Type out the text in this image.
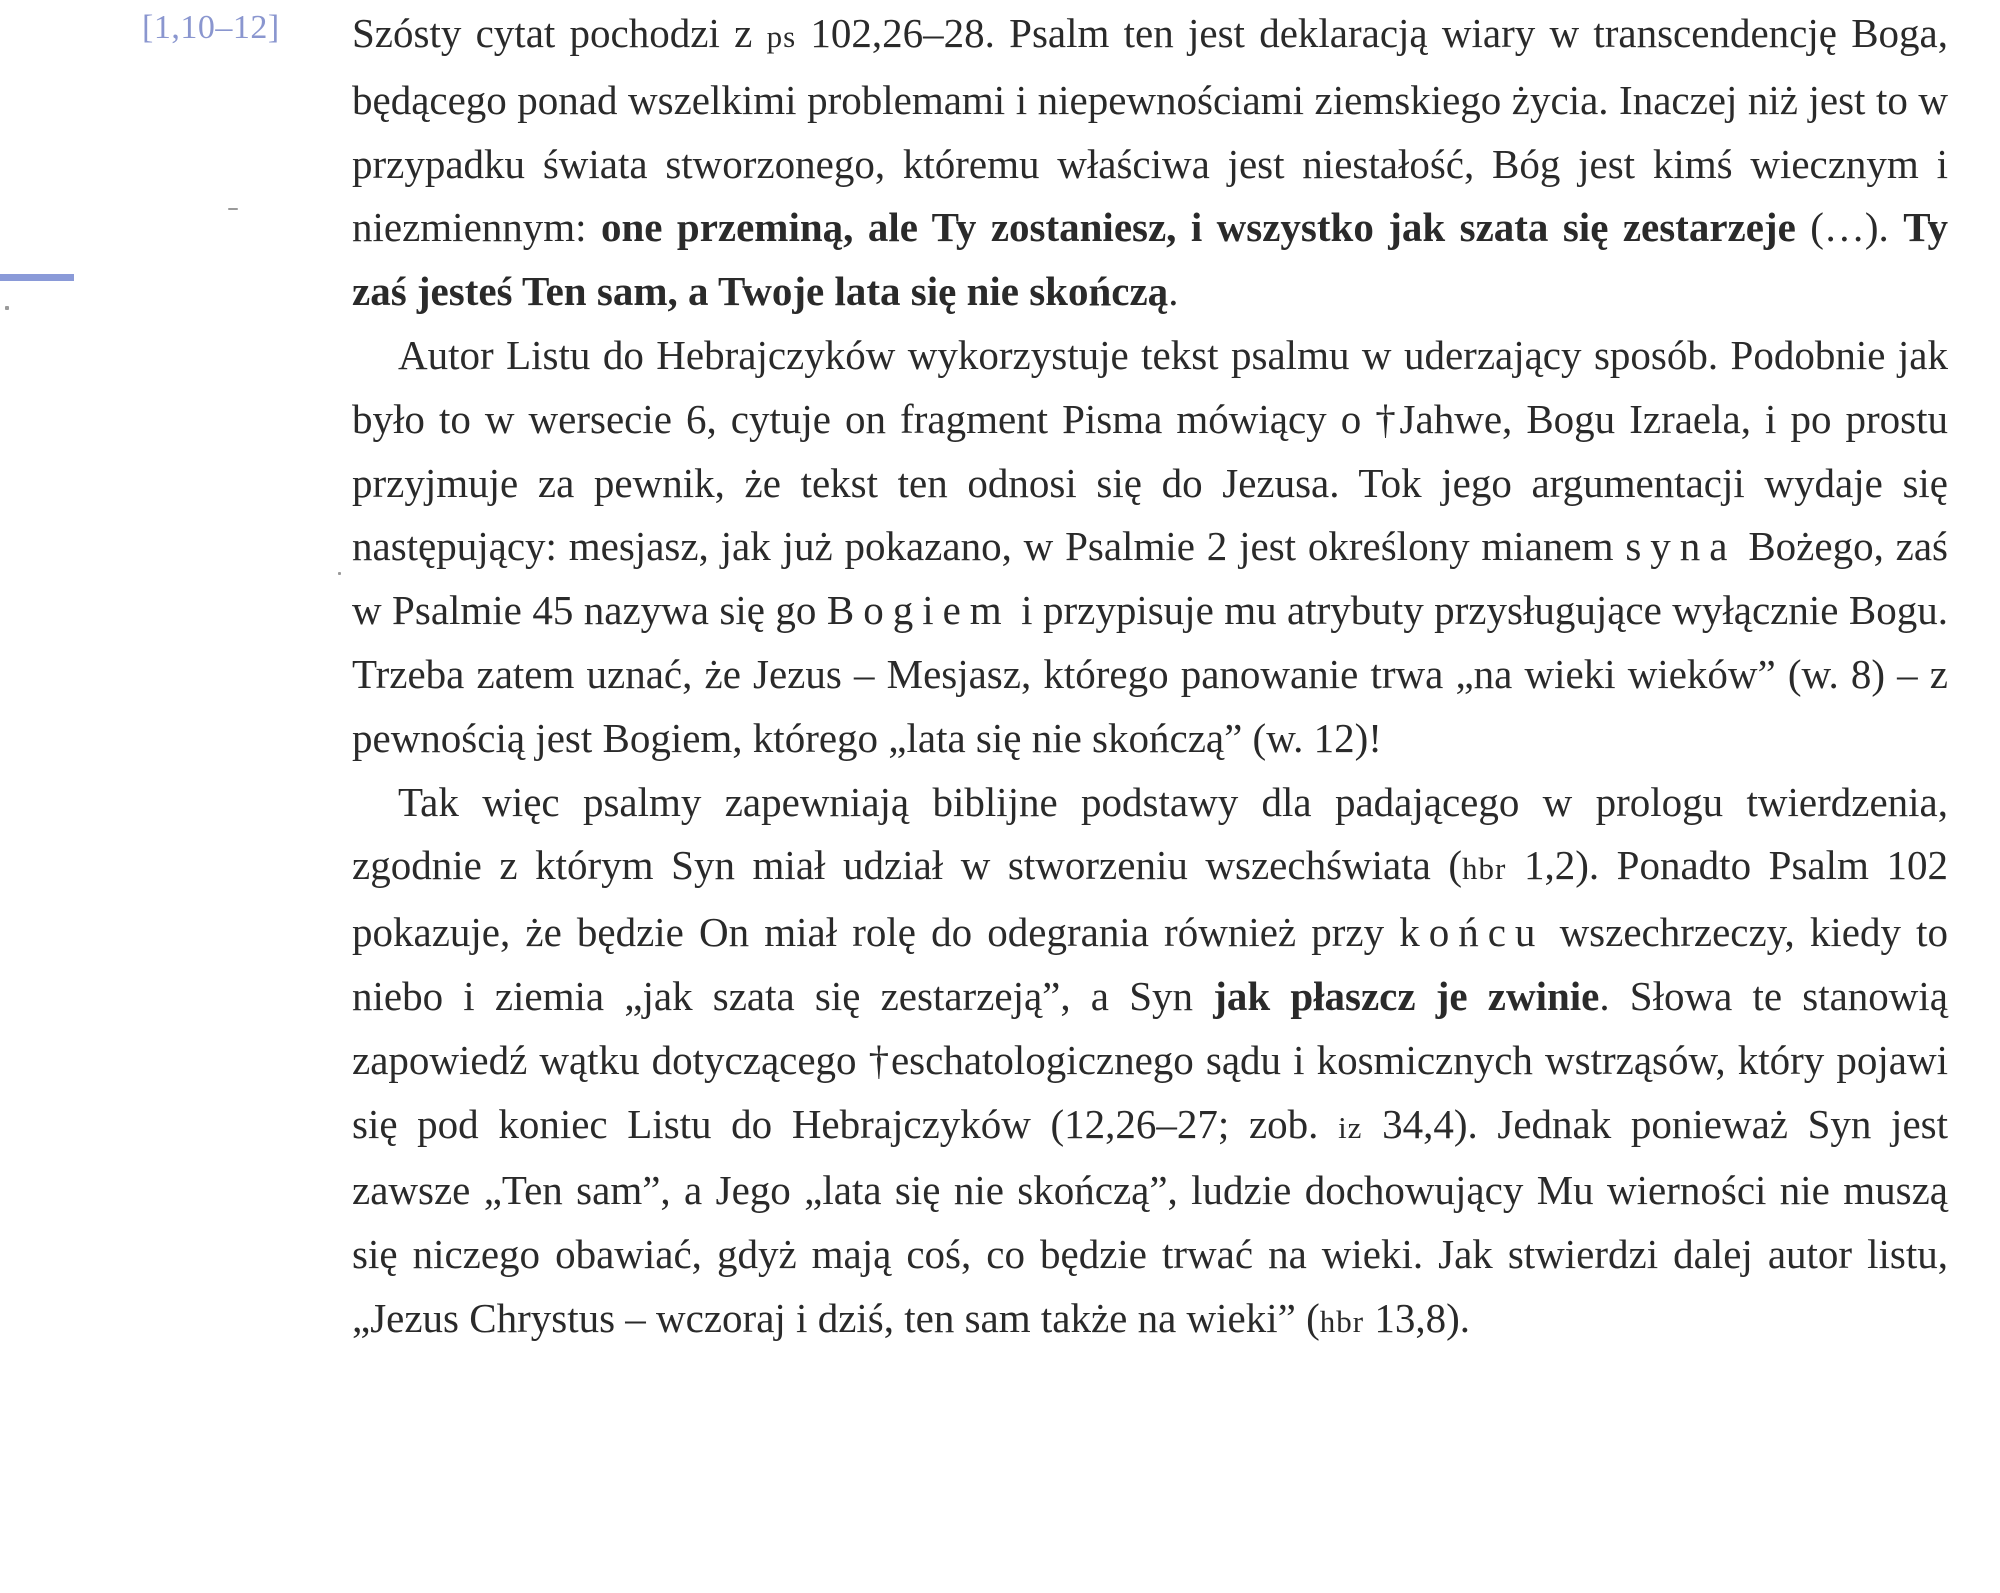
[1,10–12] Szósty cytat pochodzi z ps 102,26–28. Psalm ten jest deklaracją wiary w transcendencję Boga, będącego ponad wszelkimi problemami i niepewnościami ziemskiego życia. Inaczej niż jest to w przypadku świata stworzonego, któremu właściwa jest niestałość, Bóg jest kimś wiecznym i niezmiennym: one przeminą, ale Ty zostaniesz, i wszystko jak szata się zestarzeje (…). Ty zaś jesteś Ten sam, a Twoje lata się nie skończą.

Autor Listu do Hebrajczyków wykorzystuje tekst psalmu w uderzający sposób. Podobnie jak było to w wersecie 6, cytuje on fragment Pisma mówiący o †Jahwe, Bogu Izraela, i po prostu przyjmuje za pewnik, że tekst ten odnosi się do Jezusa. Tok jego argumentacji wydaje się następujący: mesjasz, jak już pokazano, w Psalmie 2 jest określony mianem syna Bożego, zaś w Psalmie 45 nazywa się go Bogiem i przypisuje mu atrybuty przysługujące wyłącznie Bogu. Trzeba zatem uznać, że Jezus – Mesjasz, którego panowanie trwa „na wieki wieków” (w. 8) – z pewnością jest Bogiem, którego „lata się nie skończą” (w. 12)!

Tak więc psalmy zapewniają biblijne podstawy dla padającego w prologu twierdzenia, zgodnie z którym Syn miał udział w stworzeniu wszechświata (hbr 1,2). Ponadto Psalm 102 pokazuje, że będzie On miał rolę do odegrania również przy końcu wszechrzeczy, kiedy to niebo i ziemia „jak szata się zestarzeją”, a Syn jak płaszcz je zwinie. Słowa te stanowią zapowiedź wątku dotyczącego †eschatologicznego sądu i kosmicznych wstrząsów, który pojawi się pod koniec Listu do Hebrajczyków (12,26–27; zob. iz 34,4). Jednak ponieważ Syn jest zawsze „Ten sam”, a Jego „lata się nie skończą”, ludzie dochowujący Mu wierności nie muszą się niczego obawiać, gdyż mają coś, co będzie trwać na wieki. Jak stwierdzi dalej autor listu, „Jezus Chrystus – wczoraj i dziś, ten sam także na wieki” (hbr 13,8).
